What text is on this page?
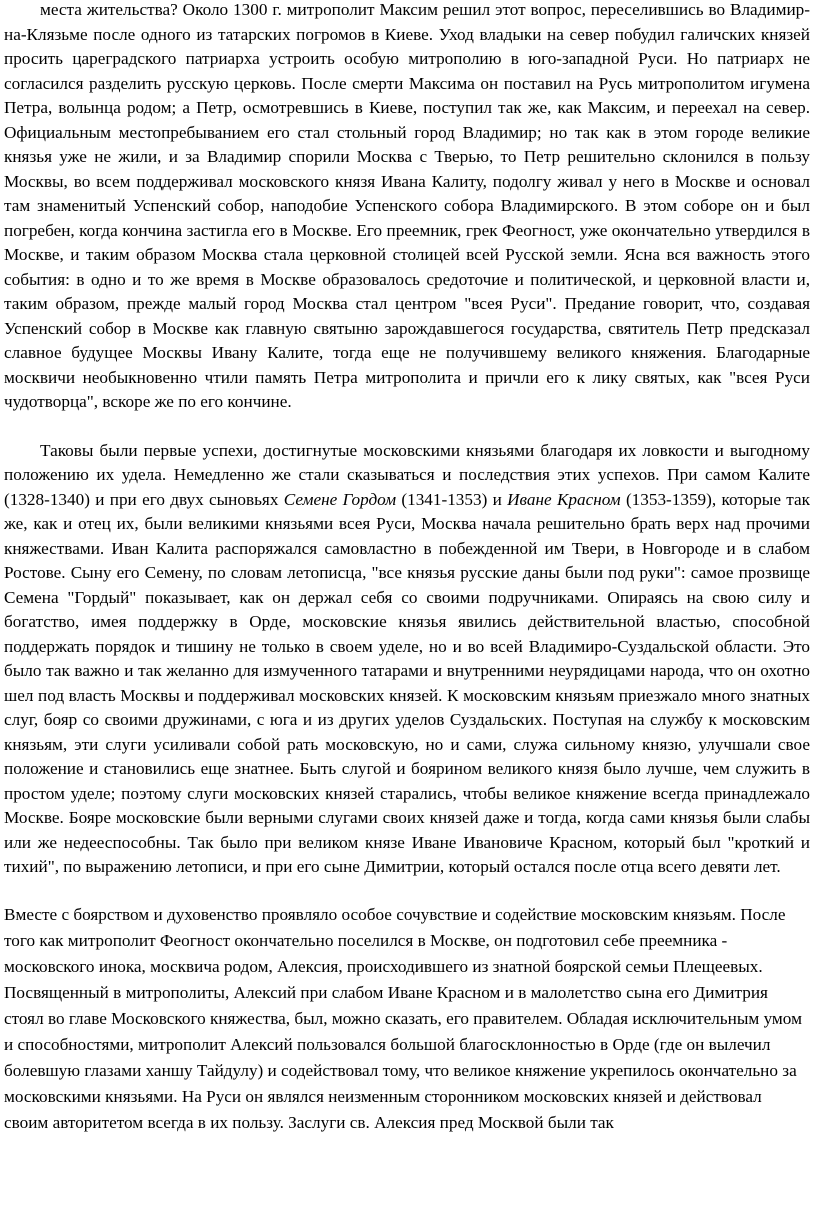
места жительства? Около 1300 г. митрополит Максим решил этот вопрос, переселившись во Владимир-на-Клязьме после одного из татарских погромов в Киеве. Уход владыки на север побудил галичских князей просить цареградского патриарха устроить особую митрополию в юго-западной Руси. Но патриарх не согласился разделить русскую церковь. После смерти Максима он поставил на Русь митрополитом игумена Петра, волынца родом; а Петр, осмотревшись в Киеве, поступил так же, как Максим, и переехал на север. Официальным местопребыванием его стал стольный город Владимир; но так как в этом городе великие князья уже не жили, и за Владимир спорили Москва с Тверью, то Петр решительно склонился в пользу Москвы, во всем поддерживал московского князя Ивана Калиту, подолгу живал у него в Москве и основал там знаменитый Успенский собор, наподобие Успенского собора Владимирского. В этом соборе он и был погребен, когда кончина застигла его в Москве. Его преемник, грек Феогност, уже окончательно утвердился в Москве, и таким образом Москва стала церковной столицей всей Русской земли. Ясна вся важность этого события: в одно и то же время в Москве образовалось средоточие и политической, и церковной власти и, таким образом, прежде малый город Москва стал центром "всея Руси". Предание говорит, что, создавая Успенский собор в Москве как главную святыню зарождавшегося государства, святитель Петр предсказал славное будущее Москвы Ивану Калите, тогда еще не получившему великого княжения. Благодарные москвичи необыкновенно чтили память Петра митрополита и причли его к лику святых, как "всея Руси чудотворца", вскоре же по его кончине.

Таковы были первые успехи, достигнутые московскими князьями благодаря их ловкости и выгодному положению их удела. Немедленно же стали сказываться и последствия этих успехов. При самом Калите (1328-1340) и при его двух сыновьях Семене Гордом (1341-1353) и Иване Красном (1353-1359), которые так же, как и отец их, были великими князьями всея Руси, Москва начала решительно брать верх над прочими княжествами. Иван Калита распоряжался самовластно в побежденной им Твери, в Новгороде и в слабом Ростове. Сыну его Семену, по словам летописца, "все князья русские даны были под руки": самое прозвище Семена "Гордый" показывает, как он держал себя со своими подручниками. Опираясь на свою силу и богатство, имея поддержку в Орде, московские князья явились действительной властью, способной поддержать порядок и тишину не только в своем уделе, но и во всей Владимиро-Суздальской области. Это было так важно и так желанно для измученного татарами и внутренними неурядицами народа, что он охотно шел под власть Москвы и поддерживал московских князей. К московским князьям приезжало много знатных слуг, бояр со своими дружинами, с юга и из других уделов Суздальских. Поступая на службу к московским князьям, эти слуги усиливали собой рать московскую, но и сами, служа сильному князю, улучшали свое положение и становились еще знатнее. Быть слугой и боярином великого князя было лучше, чем служить в простом уделе; поэтому слуги московских князей старались, чтобы великое княжение всегда принадлежало Москве. Бояре московские были верными слугами своих князей даже и тогда, когда сами князья были слабы или же недееспособны. Так было при великом князе Иване Ивановиче Красном, который был "кроткий и тихий", по выражению летописи, и при его сыне Димитрии, который остался после отца всего девяти лет.

Вместе с боярством и духовенство проявляло особое сочувствие и содействие московским князьям. После того как митрополит Феогност окончательно поселился в Москве, он подготовил себе преемника - московского инока, москвича родом, Алексия, происходившего из знатной боярской семьи Плещеевых. Посвященный в митрополиты, Алексий при слабом Иване Красном и в малолетство сына его Димитрия стоял во главе Московского княжества, был, можно сказать, его правителем. Обладая исключительным умом и способностями, митрополит Алексий пользовался большой благосклонностью в Орде (где он вылечил болевшую глазами ханшу Тайдулу) и содействовал тому, что великое княжение укрепилось окончательно за московскими князьями. На Руси он являлся неизменным сторонником московских князей и действовал своим авторитетом всегда в их пользу. Заслуги св. Алексия пред Москвой были так
